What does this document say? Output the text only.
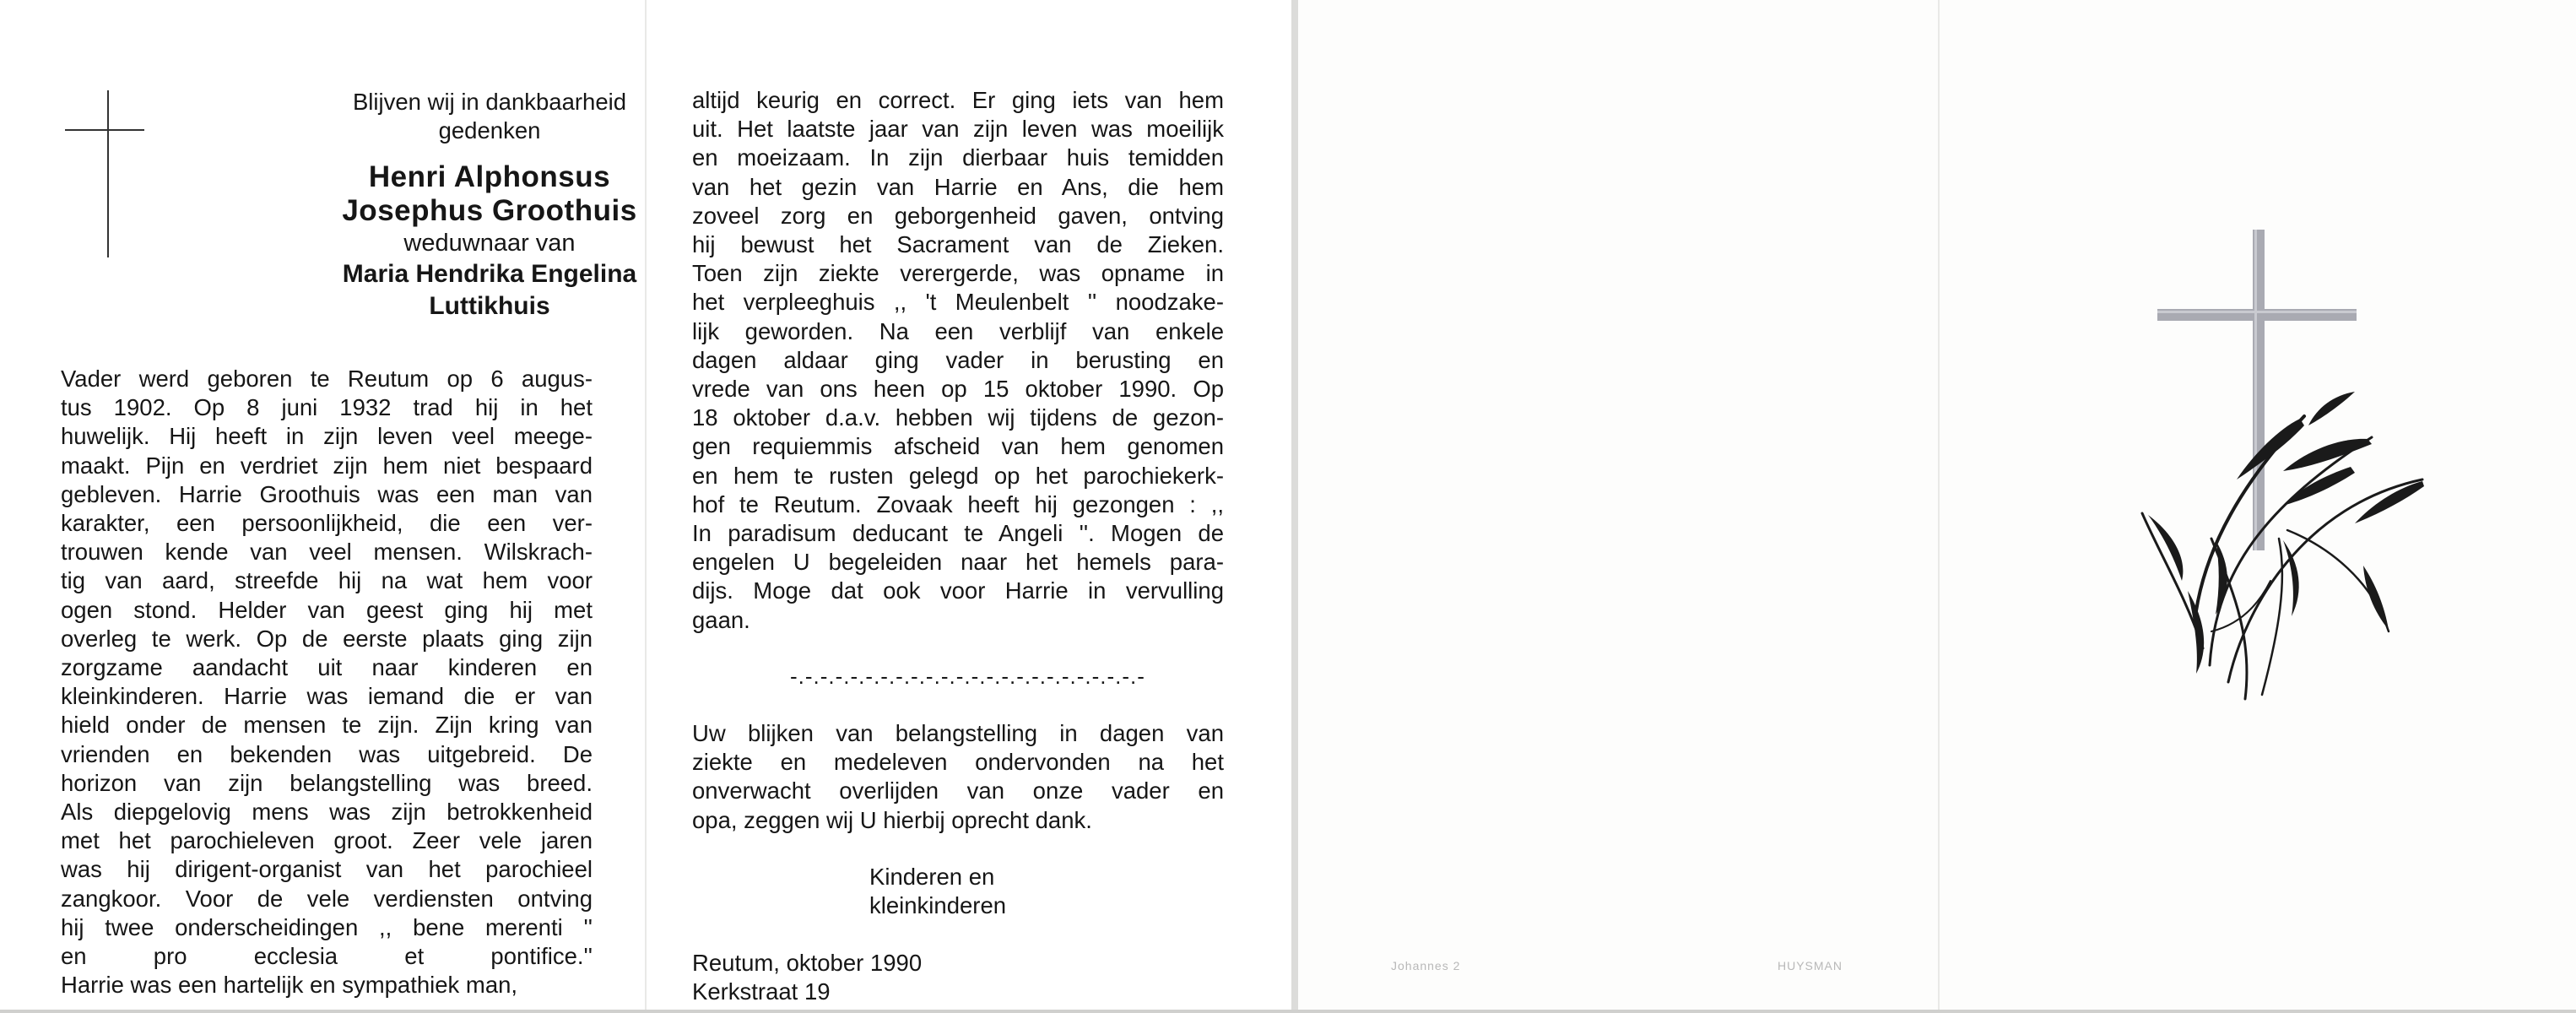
Blijven wij in dankbaarheid
gedenken
Henri Alphonsus
Josephus Groothuis
weduwnaar van
Maria Hendrika Engelina
Luttikhuis

Vader werd geboren te Reutum op 6 augus-

tus 1902. Op 8 juni 1932 trad hij in het

huwelijk. Hij heeft in zijn leven veel meege-

maakt. Pijn en verdriet zijn hem niet bespaard

gebleven. Harrie Groothuis was een man van

karakter, een persoonlijkheid, die een ver-

trouwen kende van veel mensen. Wilskrach-

tig van aard, streefde hij na wat hem voor

ogen stond. Helder van geest ging hij met

overleg te werk. Op de eerste plaats ging zijn

zorgzame aandacht uit naar kinderen en

kleinkinderen. Harrie was iemand die er van

hield onder de mensen te zijn. Zijn kring van

vrienden en bekenden was uitgebreid. De

horizon van zijn belangstelling was breed.

Als diepgelovig mens was zijn betrokkenheid

met het parochieleven groot. Zeer vele jaren

was hij dirigent-organist van het parochieel

zangkoor. Voor de vele verdiensten ontving

hij twee onderscheidingen ,, bene merenti ''

en pro ecclesia et pontifice.''

Harrie was een hartelijk en sympathiek man,

altijd keurig en correct. Er ging iets van hem

uit. Het laatste jaar van zijn leven was moeilijk

en moeizaam. In zijn dierbaar huis temidden

van het gezin van Harrie en Ans, die hem

zoveel zorg en geborgenheid gaven, ontving

hij bewust het Sacrament van de Zieken.

Toen zijn ziekte verergerde, was opname in

het verpleeghuis ,, 't Meulenbelt '' noodzake-

lijk geworden. Na een verblijf van enkele

dagen aldaar ging vader in berusting en

vrede van ons heen op 15 oktober 1990. Op

18 oktober d.a.v. hebben wij tijdens de gezon-

gen requiemmis afscheid van hem genomen

en hem te rusten gelegd op het parochiekerk-

hof te Reutum. Zovaak heeft hij gezongen : ,,

In paradisum deducant te Angeli ''. Mogen de

engelen U begeleiden naar het hemels para-

dijs. Moge dat ook voor Harrie in vervulling

gaan.

-.-.-.-.-.-.-.-.-.-.-.-.-.-.-.-.-.-.-.-.-.-.-.-

Uw blijken van belangstelling in dagen van

ziekte en medeleven ondervonden na het

onverwacht overlijden van onze vader en

opa, zeggen wij U hierbij oprecht dank.

Kinderen en
kleinkinderen
Reutum, oktober 1990
Kerkstraat 19
Johannes 2	HUYSMAN
